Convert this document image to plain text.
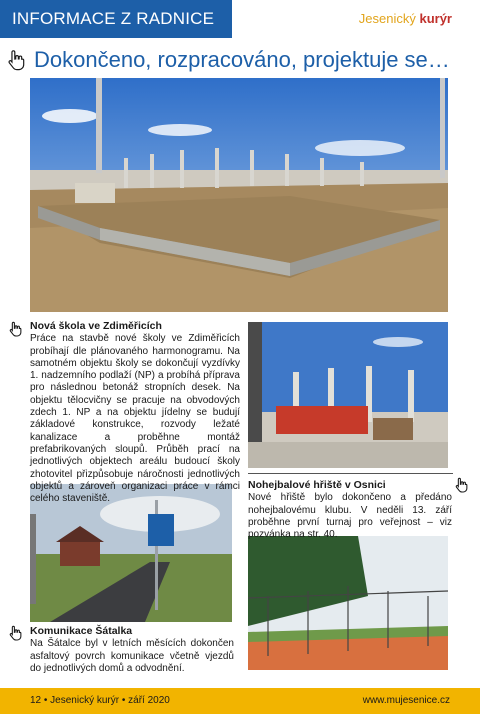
INFORMACE Z RADNICE	Jesenický kurýr
Dokončeno, rozpracováno, projektuje se…
Nová škola ve Zdiměřicích

Práce na stavbě nové školy ve Zdiměřicích probíhají dle plánovaného harmonogramu. Na samotném objektu školy se dokončují vyzdívky 1. nadzemního podlaží (NP) a probíhá příprava pro následnou betonáž stropních desek. Na objektu tělocvičny se pracuje na obvodových zdech 1. NP a na objektu jídelny se budují základové konstrukce, rozvody ležaté kanalizace a proběhne montáž prefabrikovaných sloupů. Průběh prací na jednotlivých objektech areálu budoucí školy zhotovitel přizpůsobuje náročnosti jednotlivých objektů a zároveň organizaci práce v rámci celého staveniště.

Nohejbalové hřiště v Osnici

Nové hřiště bylo dokončeno a předáno nohejbalovému klubu. V neděli 13. září proběhne první turnaj pro veřejnost – viz pozvánka na str. 40.

Komunikace Šátalka

Na Šátalce byl v letních měsících dokončen asfaltový povrch komunikace včetně vjezdů do jednotlivých domů a odvodnění.

12 • Jesenický kurýr • září 2020	www.mujesenice.cz
